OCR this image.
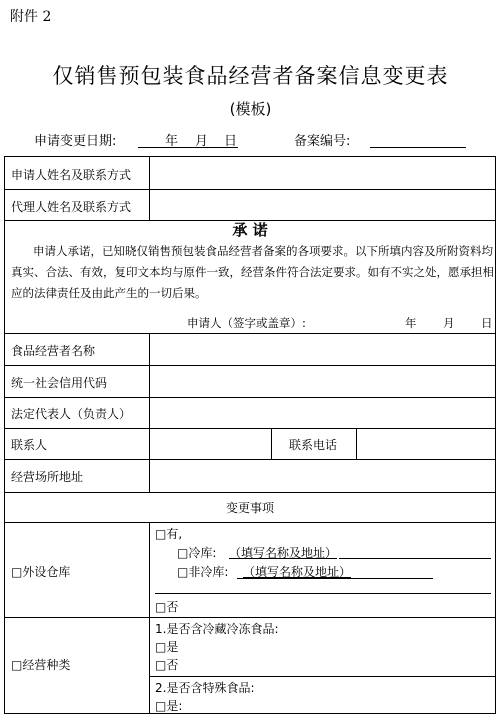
附件 2
仅销售预包装食品经营者备案信息变更表
(模板)
申请变更日期:	年 月 日	备案编号:
申请人姓名及联系方式
代理人姓名及联系方式
承 诺
申请人承诺，已知晓仅销售预包装食品经营者备案的各项要求。以下所填内容及所附资料均真实、合法、有效，复印文本均与原件一致，经营条件符合法定要求。如有不实之处，愿承担相应的法律责任及由此产生的一切后果。
申请人（签字或盖章）:	年 月 日
食品经营者名称
统一社会信用代码
法定代表人（负责人）
联系人	联系电话
经营场所地址
变更事项
□外设仓库
□有,
□冷库: （填写名称及地址）
□非冷库: （填写名称及地址）
□否
□经营种类
1.是否含冷藏冷冻食品:
□是
□否
2.是否含特殊食品:
□是:
